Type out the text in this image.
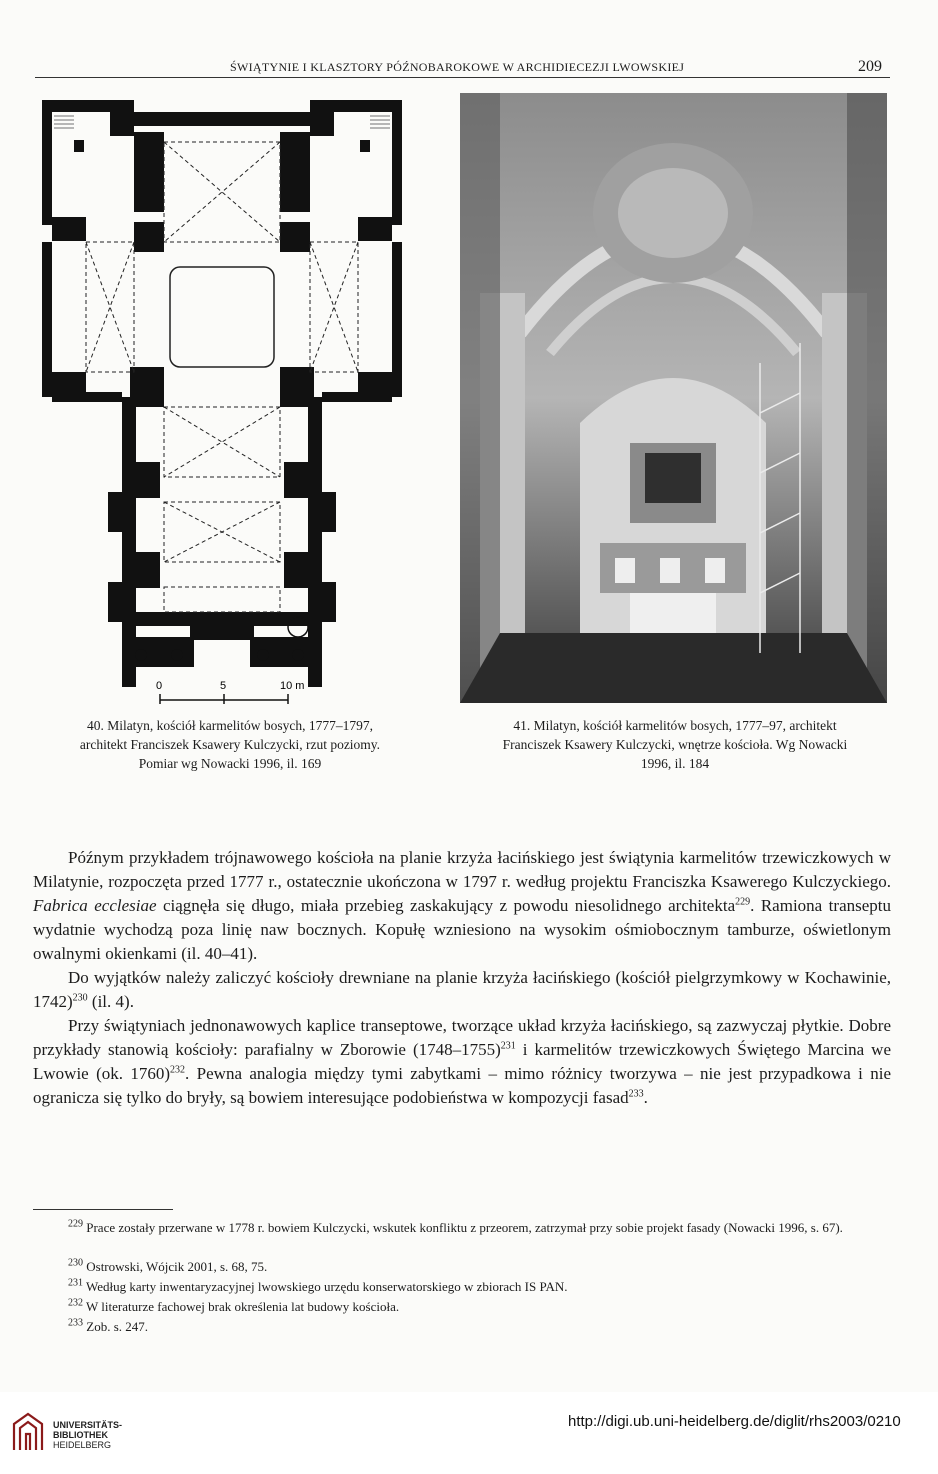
ŚWIĄTYNIE I KLASZTORY PÓŹNOBAROKOWE W ARCHIDIECEZJI LWOWSKIEJ	209
0	5	10 m
40. Milatyn, kościół karmelitów bosych, 1777–1797,
architekt Franciszek Ksawery Kulczycki, rzut poziomy.
Pomiar wg Nowacki 1996, il. 169
41. Milatyn, kościół karmelitów bosych, 1777–97, architekt
Franciszek Ksawery Kulczycki, wnętrze kościoła. Wg Nowacki
1996, il. 184

Późnym przykładem trójnawowego kościoła na planie krzyża łacińskiego jest świątynia karmelitów trzewiczkowych w Milatynie, rozpoczęta przed 1777 r., ostatecznie ukończona w 1797 r. według projektu Franciszka Ksawerego Kulczyckiego. Fabrica ecclesiae ciągnęła się długo, miała przebieg zaskakujący z powodu niesolidnego architekta$^{229}$. Ramiona transeptu wydatnie wychodzą poza linię naw bocznych. Kopułę wzniesiono na wysokim ośmiobocznym tamburze, oświetlonym owalnymi okienkami (il. 40–41).

Do wyjątków należy zaliczyć kościoły drewniane na planie krzyża łacińskiego (kościół pielgrzymkowy w Kochawinie, 1742)$^{230}$ (il. 4).

Przy świątyniach jednonawowych kaplice transeptowe, tworzące układ krzyża łacińskiego, są zazwyczaj płytkie. Dobre przykłady stanowią kościoły: parafialny w Zborowie (1748–1755)$^{231}$ i karmelitów trzewiczkowych Świętego Marcina we Lwowie (ok. 1760)$^{232}$. Pewna analogia między tymi zabytkami – mimo różnicy tworzywa – nie jest przypadkowa i nie ogranicza się tylko do bryły, są bowiem interesujące podobieństwa w kompozycji fasad$^{233}$.

$^{229}$ Prace zostały przerwane w 1778 r. bowiem Kulczycki, wskutek konfliktu z przeorem, zatrzymał przy sobie projekt fasady (Nowacki 1996, s. 67).
$^{230}$ Ostrowski, Wójcik 2001, s. 68, 75.
$^{231}$ Według karty inwentaryzacyjnej lwowskiego urzędu konserwatorskiego w zbiorach IS PAN.
$^{232}$ W literaturze fachowej brak określenia lat budowy kościoła.
$^{233}$ Zob. s. 247.
UNIVERSITÄTS-
BIBLIOTHEK
HEIDELBERG
http://digi.ub.uni-heidelberg.de/diglit/rhs2003/0210
